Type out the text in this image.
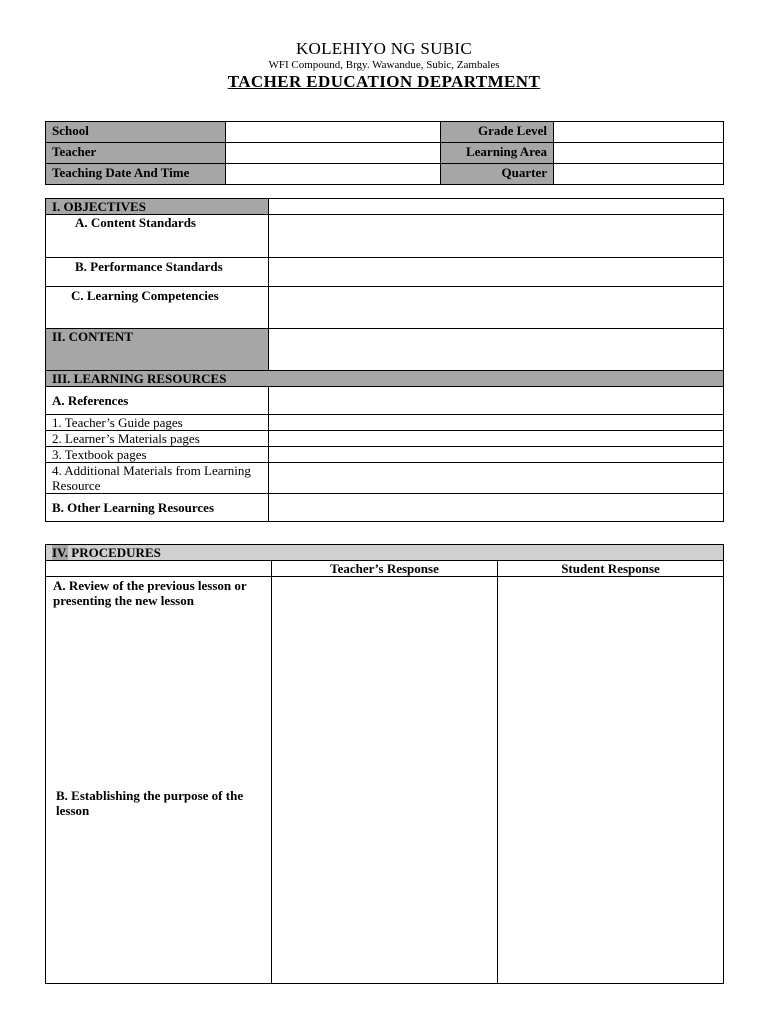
KOLEHIYO NG SUBIC
WFI Compound, Brgy. Wawandue, Subic, Zambales
TACHER EDUCATION DEPARTMENT
School		Grade Level	
Teacher		Learning Area	
Teaching Date And Time		Quarter	
I. OBJECTIVES	
A. Content Standards	
B. Performance Standards	
C. Learning Competencies	
II. CONTENT	
III. LEARNING RESOURCES	
A. References	
1. Teacher’s Guide pages	
2. Learner’s Materials pages	
3. Textbook pages	
4. Additional Materials from Learning Resource	
B. Other Learning Resources	
IV. PROCEDURES		
	Teacher’s Response	Student Response

A. Review of the previous lesson or presenting the new lesson
B. Establishing the purpose of the lesson		
